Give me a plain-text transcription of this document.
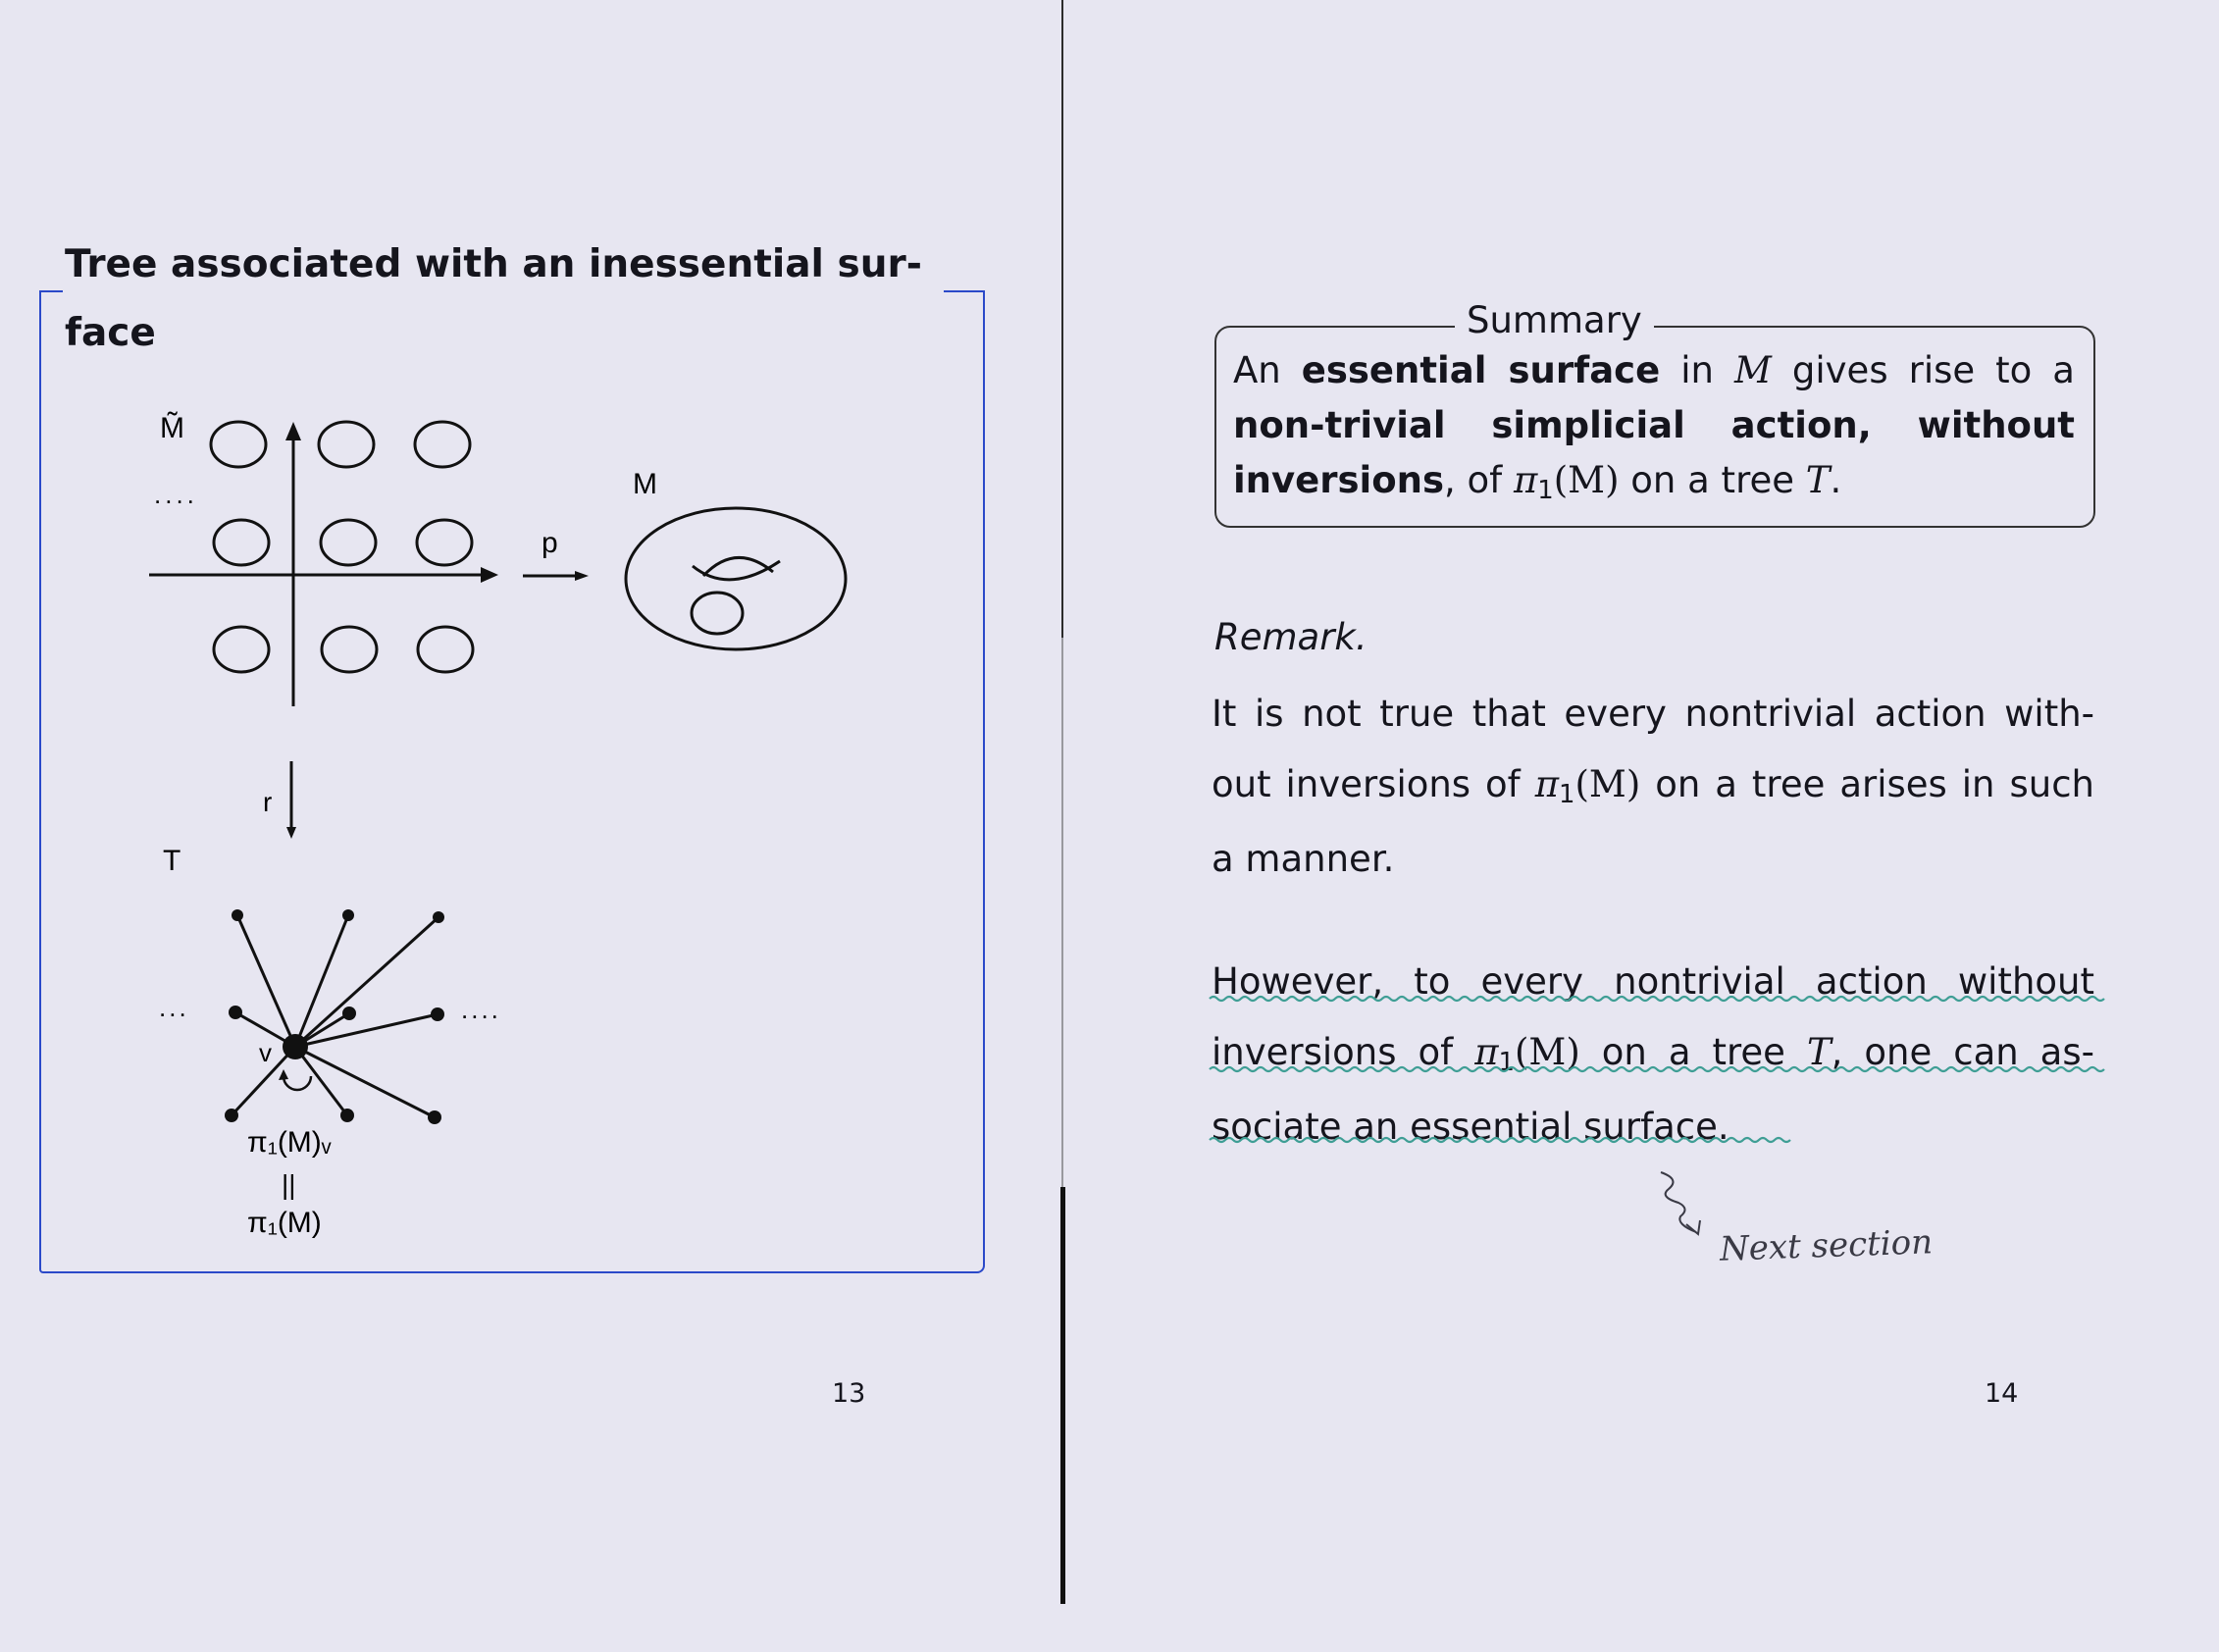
Tree associated with an inessential sur- face
M̃
....	M
p
r
T
...	....
v
π₁(M)ᵥ
||
π₁(M)
13
Summary

An essential surface in M gives rise to a non-trivial simplicial action, without inversions, of π1(M) on a tree T.

Remark.

It is not true that every nontrivial action with- out inversions of π1(M) on a tree arises in such a manner.

However, to every nontrivial action without inversions of π1(M) on a tree T, one can as- sociate an essential surface.

Next section
14
